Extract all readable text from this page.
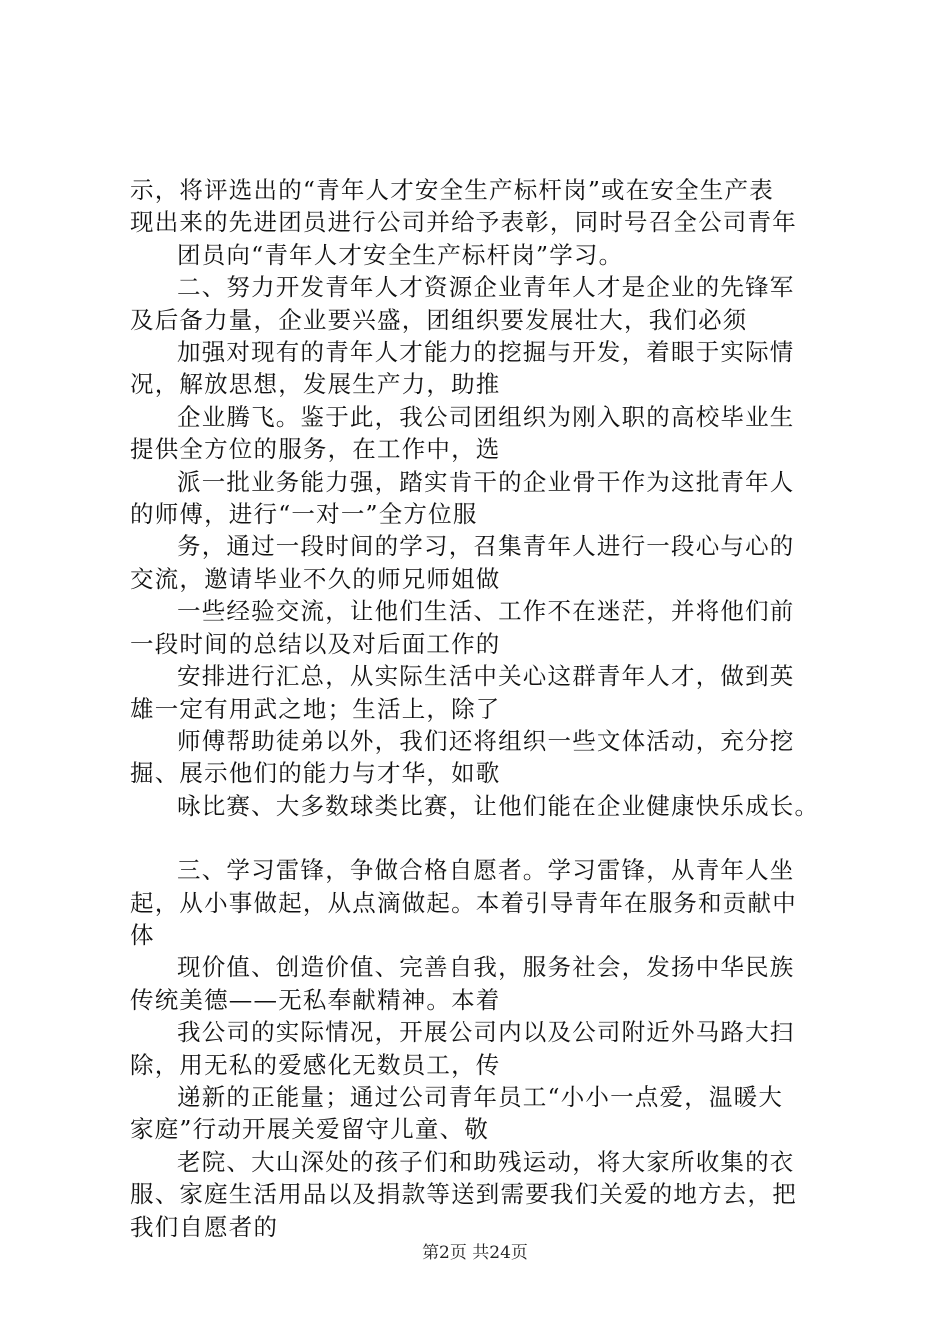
示，将评选出的“青年人才安全生产标杆岗”或在安全生产表
现出来的先进团员进行公司并给予表彰，同时号召全公司青年
团员向“青年人才安全生产标杆岗”学习。
二、努力开发青年人才资源企业青年人才是企业的先锋军
及后备力量，企业要兴盛，团组织要发展壮大，我们必须
加强对现有的青年人才能力的挖掘与开发，着眼于实际情
况，解放思想，发展生产力，助推
企业腾飞。鉴于此，我公司团组织为刚入职的高校毕业生
提供全方位的服务，在工作中，选
派一批业务能力强，踏实肯干的企业骨干作为这批青年人
的师傅，进行“一对一”全方位服
务，通过一段时间的学习，召集青年人进行一段心与心的
交流，邀请毕业不久的师兄师姐做
一些经验交流，让他们生活、工作不在迷茫，并将他们前
一段时间的总结以及对后面工作的
安排进行汇总，从实际生活中关心这群青年人才，做到英
雄一定有用武之地；生活上，除了
师傅帮助徒弟以外，我们还将组织一些文体活动，充分挖
掘、展示他们的能力与才华，如歌
咏比赛、大多数球类比赛，让他们能在企业健康快乐成长。
三、学习雷锋，争做合格自愿者。学习雷锋，从青年人坐
起，从小事做起，从点滴做起。本着引导青年在服务和贡献中
体
现价值、创造价值、完善自我，服务社会，发扬中华民族
传统美德——无私奉献精神。本着
我公司的实际情况，开展公司内以及公司附近外马路大扫
除，用无私的爱感化无数员工，传
递新的正能量；通过公司青年员工“小小一点爱，温暖大
家庭”行动开展关爱留守儿童、敬
老院、大山深处的孩子们和助残运动，将大家所收集的衣
服、家庭生活用品以及捐款等送到需要我们关爱的地方去，把
我们自愿者的
第2页 共24页
